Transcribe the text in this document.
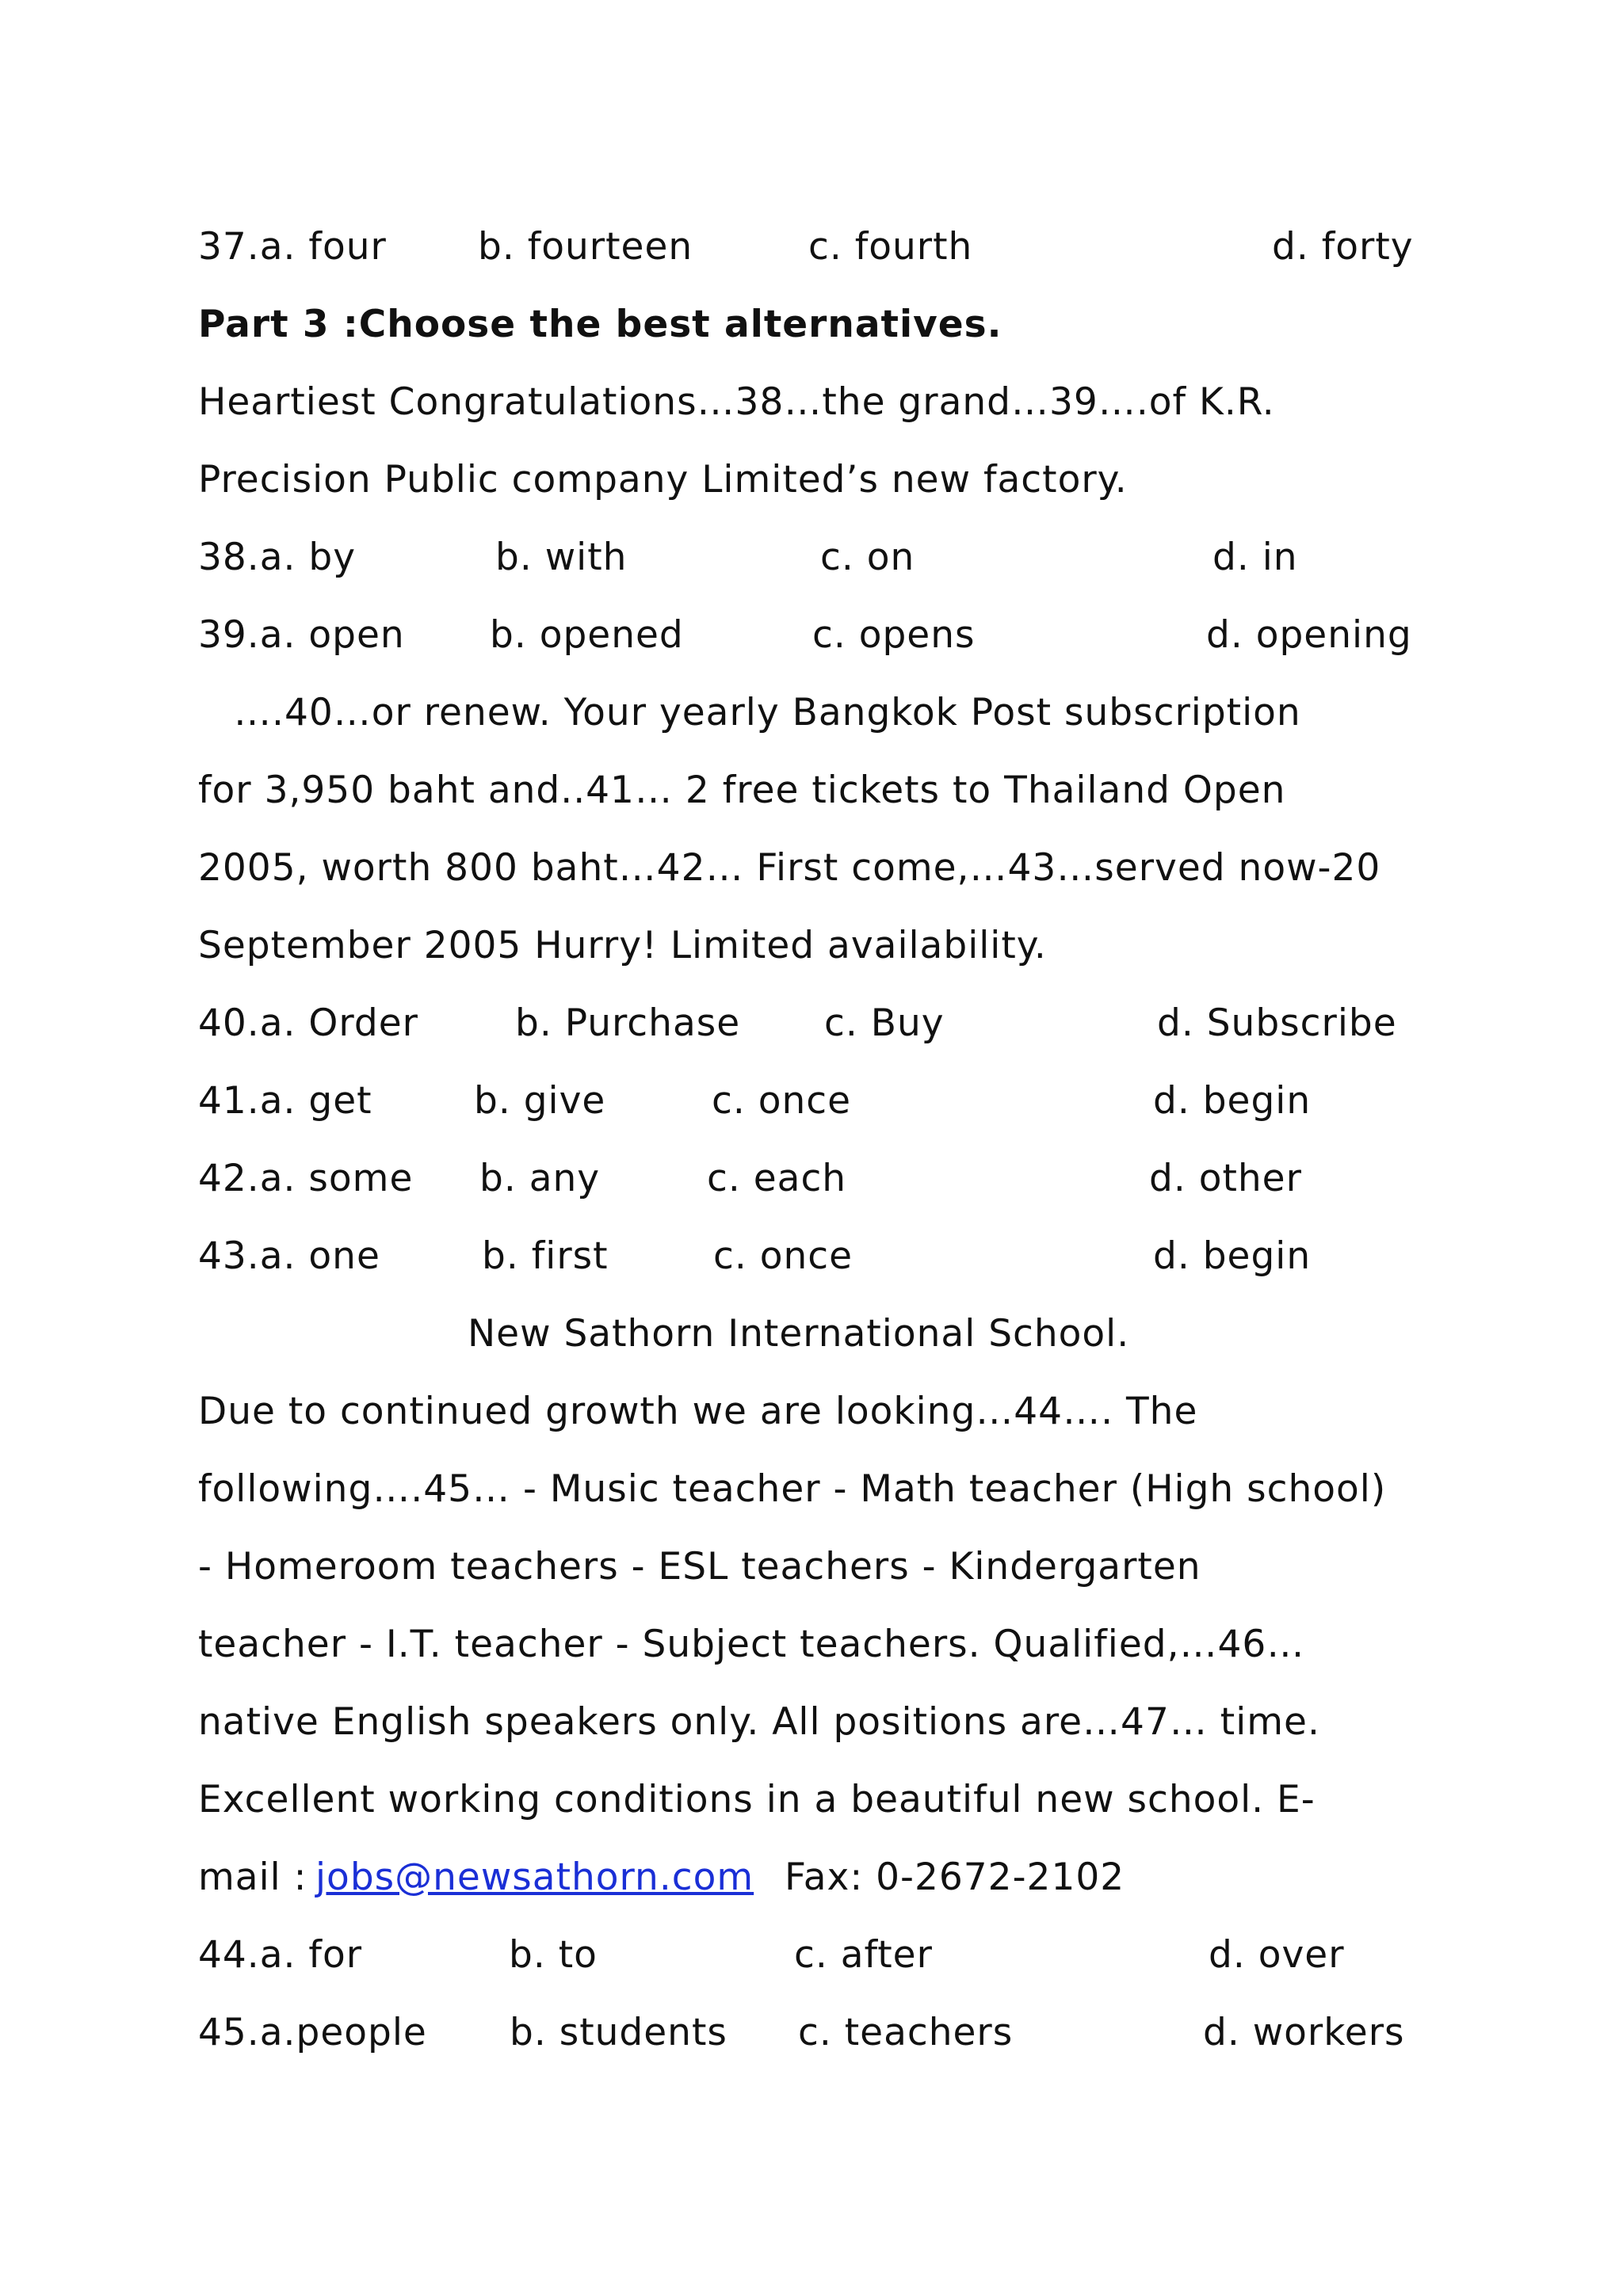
37.a. four b. fourteen	c. fourth	d. forty
Part 3 :Choose the best alternatives.
Heartiest Congratulations…38…the grand…39….of K.R.
Precision Public company Limited’s new factory.
38.a. by	b. with	c. on	d. in
39.a. open b. opened	c. opens	d. opening
….40…or renew. Your yearly Bangkok Post subscription
for 3,950 baht and..41… 2 free tickets to Thailand Open
2005, worth 800 baht…42… First come,…43…served now-20
September 2005 Hurry! Limited availability.
40.a. Order	b. Purchase c. Buy	d. Subscribe
41.a. get	b. give	c. once	d. begin
42.a. some b. any	c. each	d. other
43.a. one	b. first	c. once	d. begin
New Sathorn International School.
Due to continued growth we are looking…44…. The
following….45… - Music teacher - Math teacher (High school)
- Homeroom teachers - ESL teachers - Kindergarten
teacher - I.T. teacher - Subject teachers. Qualified,…46…
native English speakers only. All positions are…47… time.
Excellent working conditions in a beautiful new school. E-
mail : jobs@newsathorn.com Fax: 0-2672-2102
44.a. for	b. to	c. after	d. over
45.a.people b. students c. teachers	d. workers
